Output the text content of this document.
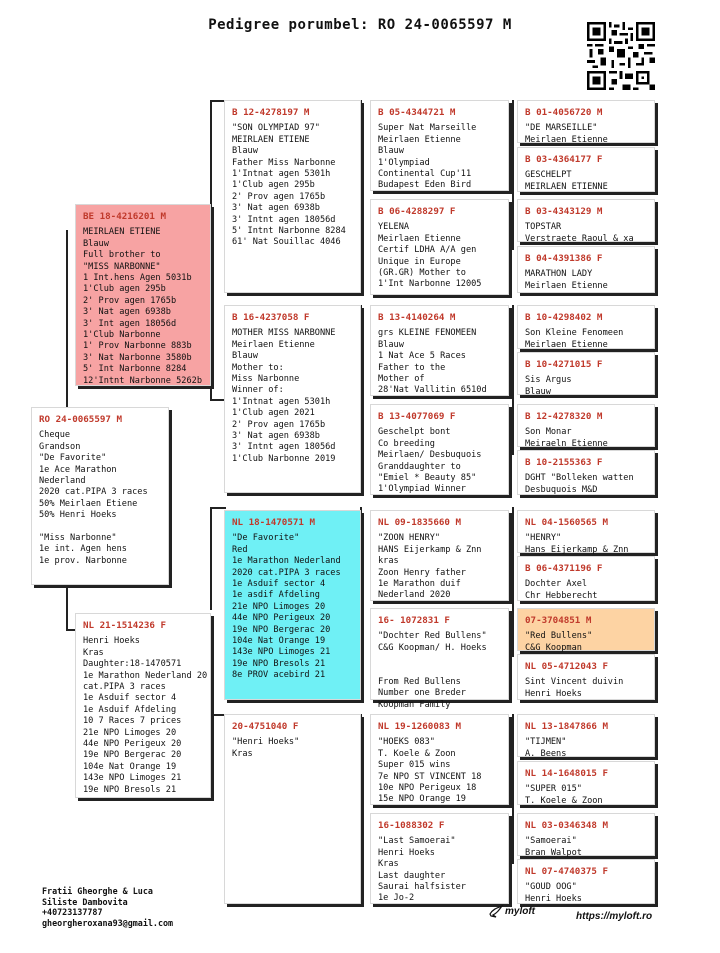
Pedigree porumbel: RO 24-0065597 M
RO 24-0065597 M
Cheque
Grandson
"De Favorite"
1e Ace Marathon
Nederland
2020 cat.PIPA 3 races
50% Meirlaen Etiene
50% Henri Hoeks

"Miss Narbonne"
1e int. Agen hens
1e prov. Narbonne
BE 18-4216201 M
MEIRLAEN ETIENE
Blauw
Full brother to
"MISS NARBONNE"
1 Int.hens Agen 5031b
1'Club agen 295b
2' Prov agen 1765b
3' Nat agen 6938b
3' Int agen 18056d
1'Club Narbonne
1' Prov Narbonne 883b
3' Nat Narbonne 3580b
5' Int Narbonne 8284
12'Intnt Narbonne 5262b
NL 21-1514236 F
Henri Hoeks
Kras
Daughter:18-1470571
1e Marathon Nederland 20
cat.PIPA 3 races
1e Asduif sector 4
1e Asduif Afdeling
10 7 Races 7 prices
21e NPO Limoges 20
44e NPO Perigeux 20
19e NPO Bergerac 20
104e Nat Orange 19
143e NPO Limoges 21
19e NPO Bresols 21
B 12-4278197 M
"SON OLYMPIAD 97"
MEIRLAEN ETIENE
Blauw
Father Miss Narbonne
1'Intnat agen 5301h
1'Club agen 295b
2' Prov agen 1765b
3' Nat agen 6938b
3' Intnt agen 18056d
5' Intnt Narbonne 8284
61' Nat Souillac 4046
B 16-4237058 F
MOTHER MISS NARBONNE
Meirlaen Etienne
Blauw
Mother to:
Miss Narbonne
Winner of:
1'Intnat agen 5301h
1'Club agen 2021
2' Prov agen 1765b
3' Nat agen 6938b
3' Intnt agen 18056d
1'Club Narbonne 2019
NL 18-1470571 M
"De Favorite"
Red
1e Marathon Nederland
2020 cat.PIPA 3 races
1e Asduif sector 4
1e asdif Afdeling
21e NPO Limoges 20
44e NPO Perigeux 20
19e NPO Bergerac 20
104e Nat Orange 19
143e NPO Limoges 21
19e NPO Bresols 21
8e PROV acebird 21
20-4751040 F
"Henri Hoeks"
Kras
B 05-4344721 M
Super Nat Marseille
Meirlaen Etienne
Blauw
1'Olympiad
Continental Cup'11
Budapest Eden Bird
B 06-4288297 F
YELENA
Meirlaen Etienne
Certif LDHA A/A gen
Unique in Europe
(GR.GR) Mother to
1'Int Narbonne 12005
B 13-4140264 M
grs KLEINE FENOMEEN
Blauw
1 Nat Ace 5 Races
Father to the
Mother of
28'Nat Vallitin 6510d
B 13-4077069 F
Geschelpt bont
Co breeding
Meirlaen/ Desbuquois
Granddaughter to
"Emiel * Beauty 85"
1'Olympiad Winner
NL 09-1835660 M
"ZOON HENRY"
HANS Eijerkamp & Znn
kras
Zoon Henry father
1e Marathon duif
Nederland 2020
16- 1072831 F
"Dochter Red Bullens"
C&G Koopman/ H. Hoeks

From Red Bullens
Number one Breder
Koopman Family
NL 19-1260083 M
"HOEKS 083"
T. Koele & Zoon
Super 015 wins
7e NPO ST VINCENT 18
10e NPO Perigeux 18
15e NPO Orange 19
16-1088302 F
"Last Samoerai"
Henri Hoeks
Kras
Last daughter
Saurai halfsister
1e Jo-2
B 01-4056720 M
"DE MARSEILLE"
Meirlaen Etienne
B 03-4364177 F
GESCHELPT
MEIRLAEN ETIENNE
B 03-4343129 M
TOPSTAR
Verstraete Raoul & xa
B 04-4391386 F
MARATHON LADY
Meirlaen Etienne
B 10-4298402 M
Son Kleine Fenomeen
Meirlaen Etienne
B 10-4271015 F
Sis Argus
Blauw
B 12-4278320 M
Son Monar
Meiraeln Etienne
B 10-2155363 F
DGHT "Bolleken watten
Desbuquois M&D
NL 04-1560565 M
"HENRY"
Hans Eijerkamp & Znn
B 06-4371196 F
Dochter Axel
Chr Hebberecht
07-3704851 M
"Red Bullens"
C&G Koopman
NL 05-4712043 F
Sint Vincent duivin
Henri Hoeks
NL 13-1847866 M
"TIJMEN"
A. Beens
NL 14-1648015 F
"SUPER 015"
T. Koele & Zoon
NL 03-0346348 M
"Samoerai"
Bran Walpot
NL 07-4740375 F
"GOUD OOG"
Henri Hoeks
Fratii Gheorghe & Luca
Siliste Dambovita
+40723137787
gheorgheroxana93@gmail.com
myloft	https://myloft.ro
